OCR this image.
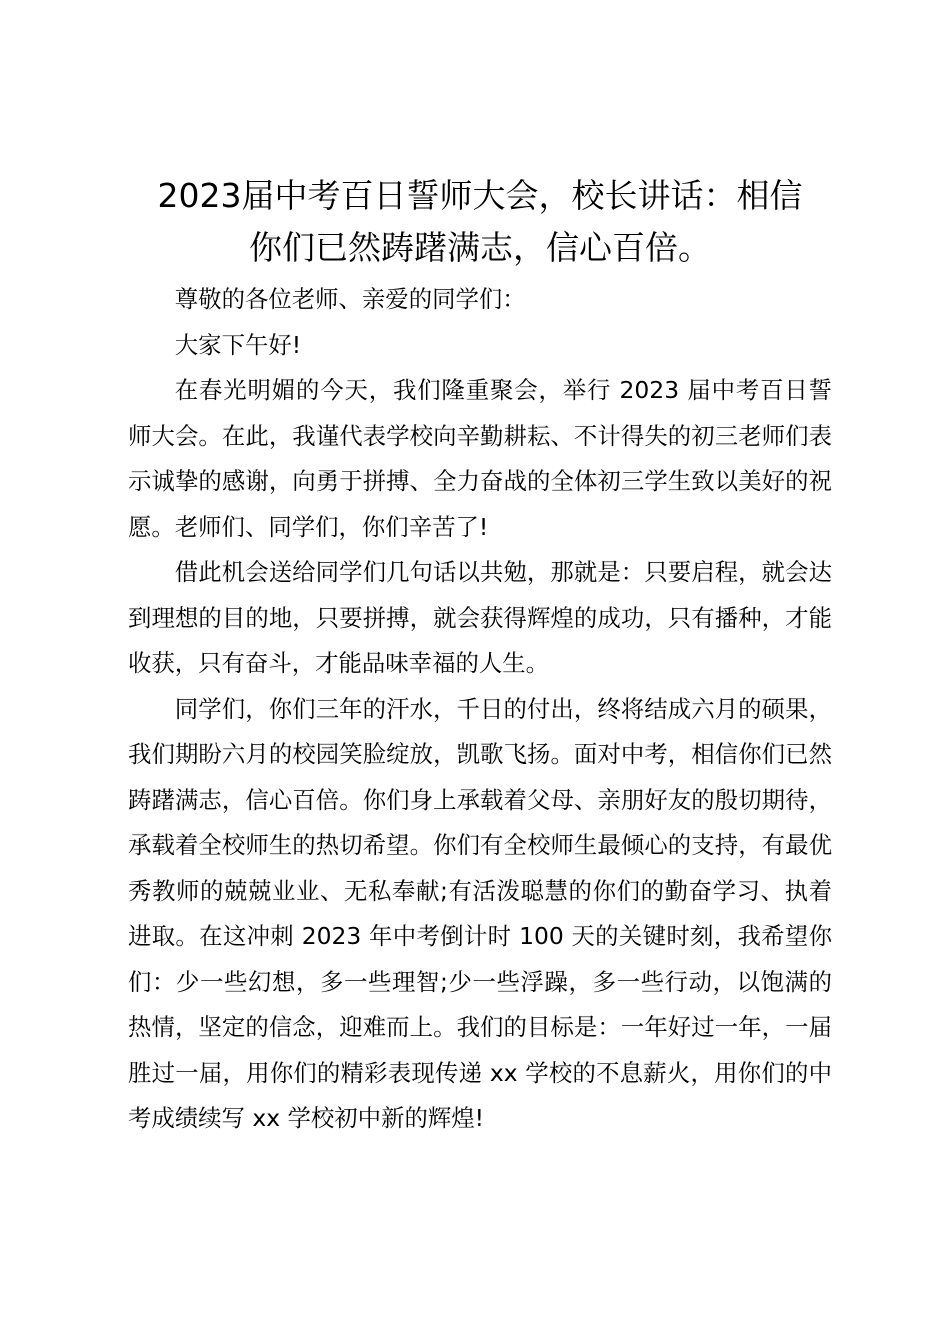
2023届中考百日誓师大会，校长讲话：相信
你们已然踌躇满志，信心百倍。

尊敬的各位老师、亲爱的同学们：

大家下午好!

在春光明媚的今天，我们隆重聚会，举行 2023 届中考百日誓师大会。在此，我谨代表学校向辛勤耕耘、不计得失的初三老师们表示诚挚的感谢，向勇于拼搏、全力奋战的全体初三学生致以美好的祝愿。老师们、同学们，你们辛苦了!

借此机会送给同学们几句话以共勉，那就是：只要启程，就会达到理想的目的地，只要拼搏，就会获得辉煌的成功，只有播种，才能收获，只有奋斗，才能品味幸福的人生。

同学们，你们三年的汗水，千日的付出，终将结成六月的硕果，我们期盼六月的校园笑脸绽放，凯歌飞扬。面对中考，相信你们已然踌躇满志，信心百倍。你们身上承载着父母、亲朋好友的殷切期待，承载着全校师生的热切希望。你们有全校师生最倾心的支持，有最优秀教师的兢兢业业、无私奉献;有活泼聪慧的你们的勤奋学习、执着进取。在这冲刺 2023 年中考倒计时 100 天的关键时刻，我希望你们：少一些幻想，多一些理智;少一些浮躁，多一些行动，以饱满的热情，坚定的信念，迎难而上。我们的目标是：一年好过一年，一届胜过一届，用你们的精彩表现传递 xx 学校的不息薪火，用你们的中考成绩续写 xx 学校初中新的辉煌!
